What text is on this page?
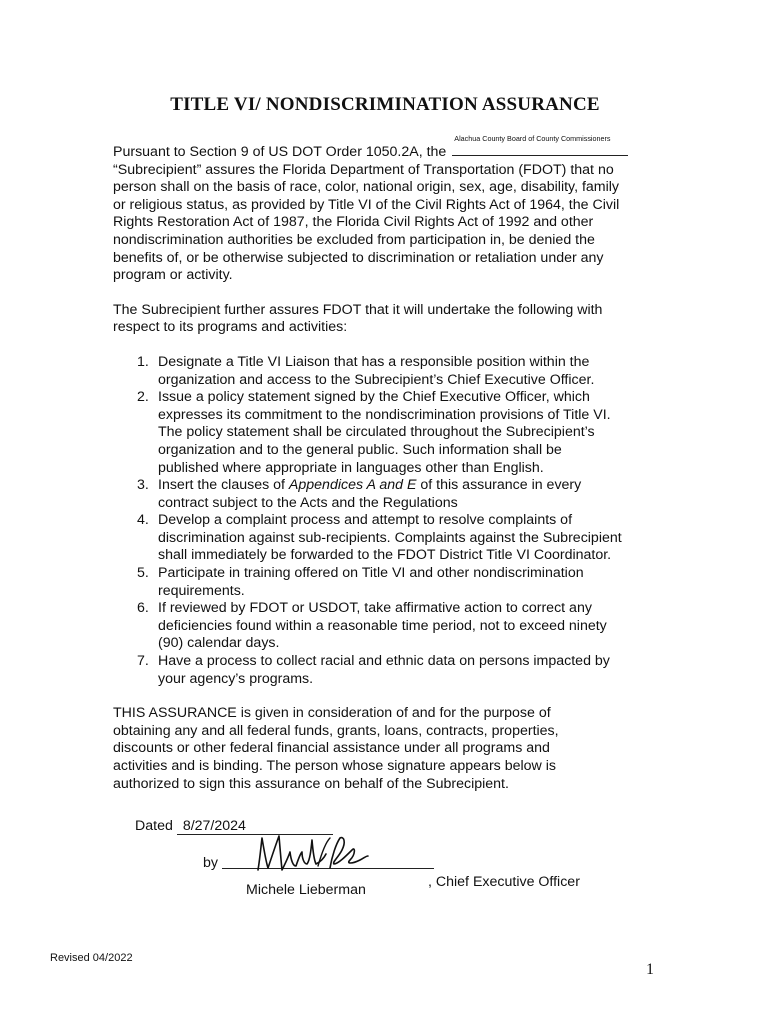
TITLE VI/ NONDISCRIMINATION ASSURANCE

Pursuant to Section 9 of US DOT Order 1050.2A, the
Alachua County Board of County Commissioners

“Subrecipient” assures the Florida Department of Transportation (FDOT) that no
person shall on the basis of race, color, national origin, sex, age, disability, family
or religious status, as provided by Title VI of the Civil Rights Act of 1964, the Civil
Rights Restoration Act of 1987, the Florida Civil Rights Act of 1992 and other
nondiscrimination authorities be excluded from participation in, be denied the
benefits of, or be otherwise subjected to discrimination or retaliation under any
program or activity.

The Subrecipient further assures FDOT that it will undertake the following with
respect to its programs and activities:

1. Designate a Title VI Liaison that has a responsible position within the
organization and access to the Subrecipient’s Chief Executive Officer.
2. Issue a policy statement signed by the Chief Executive Officer, which
expresses its commitment to the nondiscrimination provisions of Title VI.
The policy statement shall be circulated throughout the Subrecipient’s
organization and to the general public. Such information shall be
published where appropriate in languages other than English.
3. Insert the clauses of Appendices A and E of this assurance in every
contract subject to the Acts and the Regulations
4. Develop a complaint process and attempt to resolve complaints of
discrimination against sub-recipients. Complaints against the Subrecipient
shall immediately be forwarded to the FDOT District Title VI Coordinator.
5. Participate in training offered on Title VI and other nondiscrimination
requirements.
6. If reviewed by FDOT or USDOT, take affirmative action to correct any
deficiencies found within a reasonable time period, not to exceed ninety
(90) calendar days.
7. Have a process to collect racial and ethnic data on persons impacted by
your agency’s programs.

THIS ASSURANCE is given in consideration of and for the purpose of
obtaining any and all federal funds, grants, loans, contracts, properties,
discounts or other federal financial assistance under all programs and
activities and is binding. The person whose signature appears below is
authorized to sign this assurance on behalf of the Subrecipient.

Dated 8/27/2024
by
Michele Lieberman	, Chief Executive Officer
Revised 04/2022
1
